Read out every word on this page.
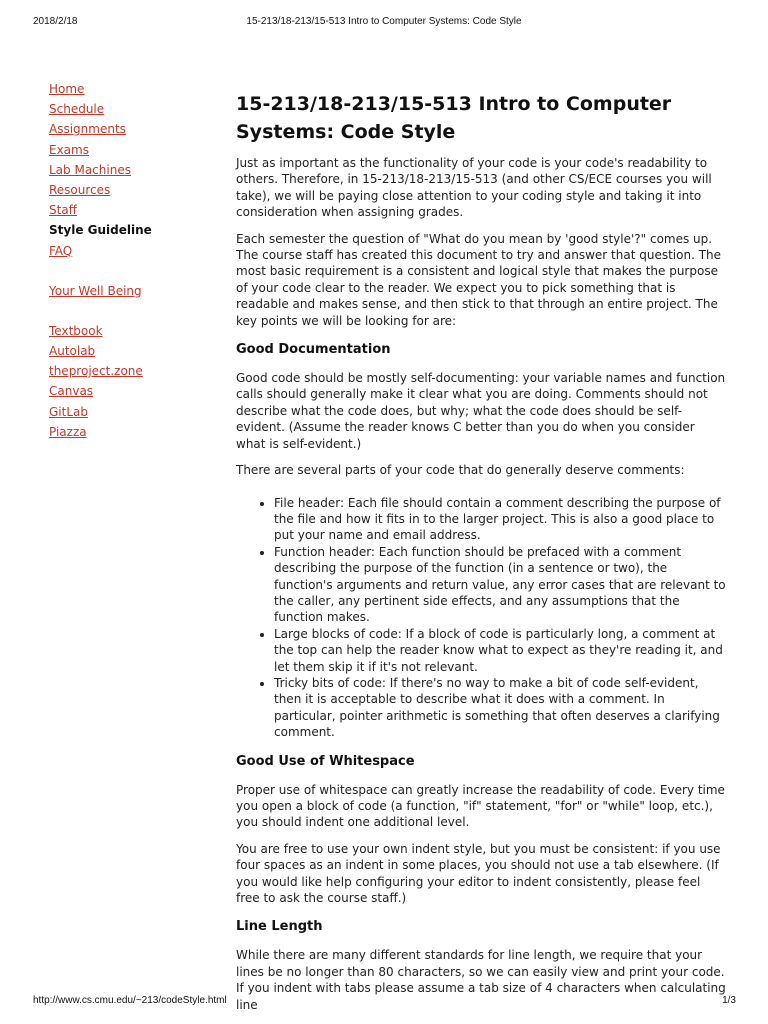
2018/2/18	15-213/18-213/15-513 Intro to Computer Systems: Code Style
Home
Schedule
Assignments
Exams
Lab Machines
Resources
Staff
Style Guideline
FAQ
Your Well Being
Textbook
Autolab
theproject.zone
Canvas
GitLab
Piazza
15-213/18-213/15-513 Intro to Computer Systems: Code Style

Just as important as the functionality of your code is your code's readability to others. Therefore, in 15-213/18-213/15-513 (and other CS/ECE courses you will take), we will be paying close attention to your coding style and taking it into consideration when assigning grades.

Each semester the question of "What do you mean by 'good style'?" comes up. The course staff has created this document to try and answer that question. The most basic requirement is a consistent and logical style that makes the purpose of your code clear to the reader. We expect you to pick something that is readable and makes sense, and then stick to that through an entire project. The key points we will be looking for are:

Good Documentation

Good code should be mostly self-documenting: your variable names and function calls should generally make it clear what you are doing. Comments should not describe what the code does, but why; what the code does should be self-evident. (Assume the reader knows C better than you do when you consider what is self-evident.)

There are several parts of your code that do generally deserve comments:

• File header: Each file should contain a comment describing the purpose of the file and how it fits in to the larger project. This is also a good place to put your name and email address.
• Function header: Each function should be prefaced with a comment describing the purpose of the function (in a sentence or two), the function's arguments and return value, any error cases that are relevant to the caller, any pertinent side effects, and any assumptions that the function makes.
• Large blocks of code: If a block of code is particularly long, a comment at the top can help the reader know what to expect as they're reading it, and let them skip it if it's not relevant.
• Tricky bits of code: If there's no way to make a bit of code self-evident, then it is acceptable to describe what it does with a comment. In particular, pointer arithmetic is something that often deserves a clarifying comment.
Good Use of Whitespace

Proper use of whitespace can greatly increase the readability of code. Every time you open a block of code (a function, "if" statement, "for" or "while" loop, etc.), you should indent one additional level.

You are free to use your own indent style, but you must be consistent: if you use four spaces as an indent in some places, you should not use a tab elsewhere. (If you would like help configuring your editor to indent consistently, please feel free to ask the course staff.)

Line Length

While there are many different standards for line length, we require that your lines be no longer than 80 characters, so we can easily view and print your code. If you indent with tabs please assume a tab size of 4 characters when calculating line

http://www.cs.cmu.edu/~213/codeStyle.html	1/3
